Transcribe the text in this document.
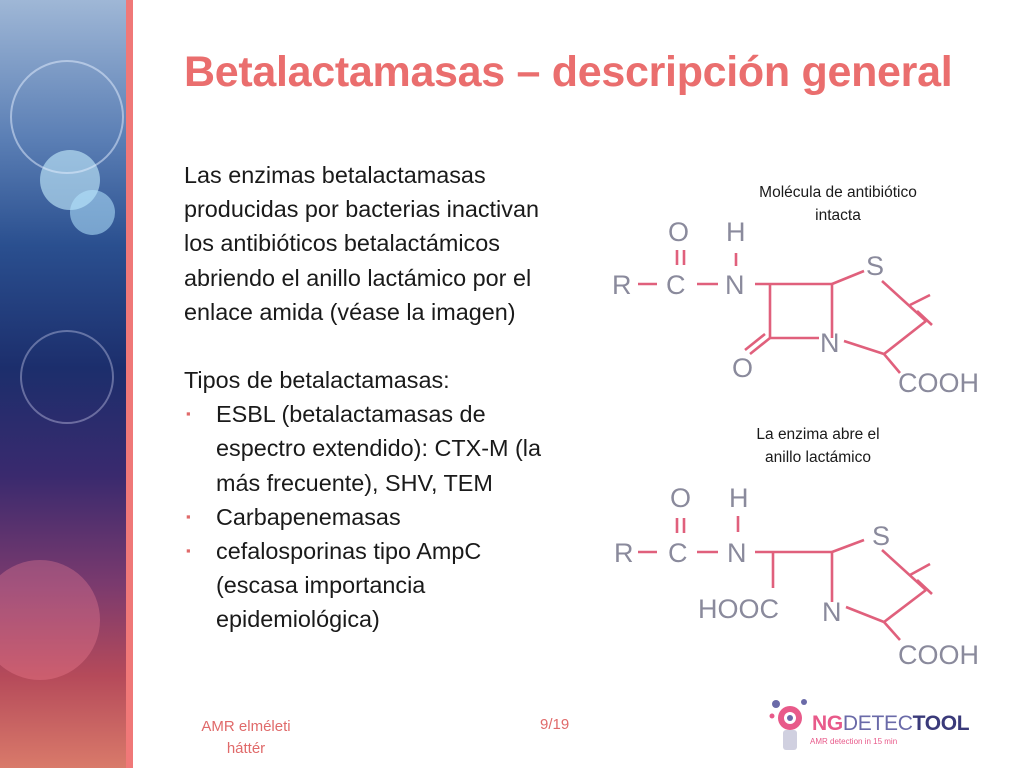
Betalactamasas – descripción general

Las enzimas betalactamasas

producidas por bacterias inactivan

los antibióticos betalactámicos

abriendo el anillo lactámico por el

enlace amida (véase la imagen)

Tipos de betalactamasas:

▪ ESBL (betalactamasas de
espectro extendido): CTX-M (la
más frecuente), SHV, TEM
▪ Carbapenemasas
▪ cefalosporinas tipo AmpC
(escasa importancia
epidemiológica)
Molécula de antibiótico
intacta
La enzima abre el
anillo lactámico
R C
O H
N
S
N
O	COOH
R C
O H
N
S
N
HOOC
COOH
AMR elméleti
háttér
9/19	NGDETECTOOL
AMR detection in 15 min
